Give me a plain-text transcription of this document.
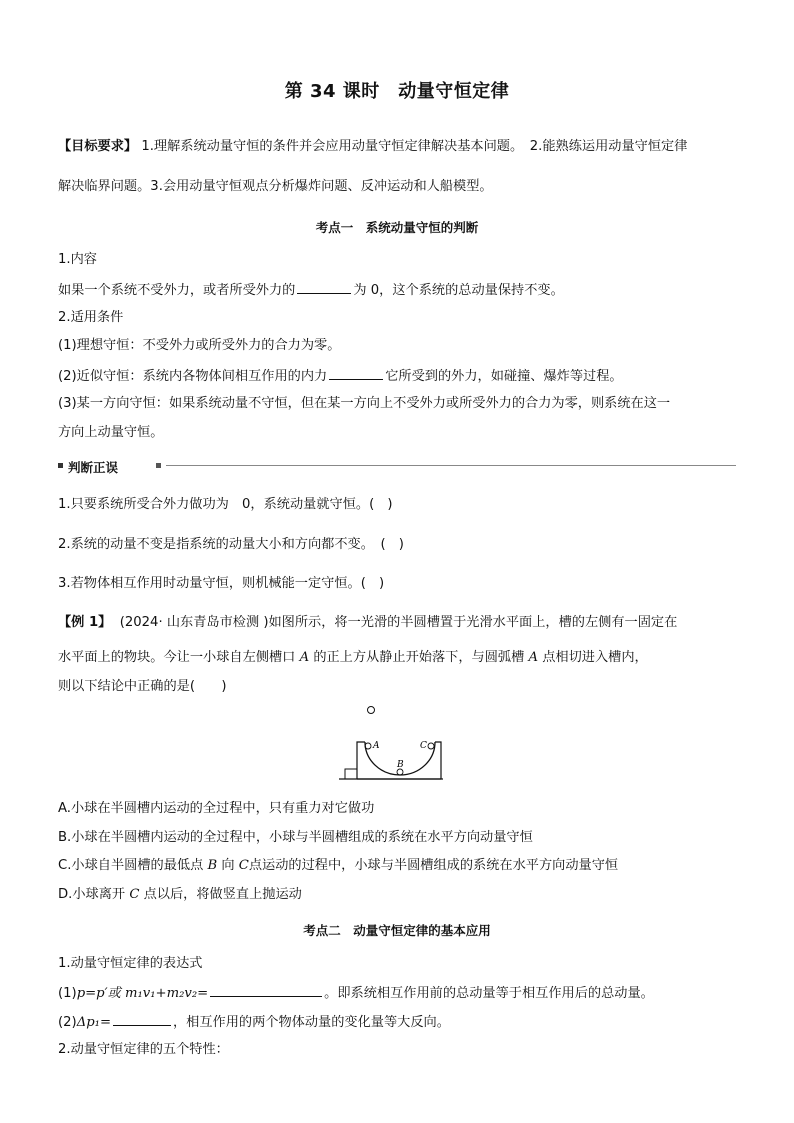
第 34 课时　动量守恒定律
【目标要求】 1.理解系统动量守恒的条件并会应用动量守恒定律解决基本问题。　2.能熟练运用动量守恒定律
解决临界问题。3.会用动量守恒观点分析爆炸问题、反冲运动和人船模型。
考点一　系统动量守恒的判断
1.内容
如果一个系统不受外力，或者所受外力的	为 0，这个系统的总动量保持不变。
2.适用条件
(1)理想守恒：不受外力或所受外力的合力为零。
(2)近似守恒：系统内各物体间相互作用的内力	它所受到的外力，如碰撞、爆炸等过程。
(3)某一方向守恒：如果系统动量不守恒，但在某一方向上不受外力或所受外力的合力为零，则系统在这一
方向上动量守恒。
判断正误
1.只要系统所受合外力做功为　0，系统动量就守恒。(　)
2.系统的动量不变是指系统的动量大小和方向都不变。　(　)
3.若物体相互作用时动量守恒，则机械能一定守恒。(　)
【例 1】 (2024· 山东青岛市检测 )如图所示，将一光滑的半圆槽置于光滑水平面上，槽的左侧有一固定在
水平面上的物块。今让一小球自左侧槽口 A 的正上方从静止开始落下，与圆弧槽 A 点相切进入槽内，
则以下结论中正确的是(　　)
A
B
C
A.小球在半圆槽内运动的全过程中，只有重力对它做功
B.小球在半圆槽内运动的全过程中，小球与半圆槽组成的系统在水平方向动量守恒
C.小球自半圆槽的最低点 B 向 C点运动的过程中，小球与半圆槽组成的系统在水平方向动量守恒
D.小球离开 C 点以后，将做竖直上抛运动
考点二　动量守恒定律的基本应用
1.动量守恒定律的表达式
(1)p=p′或 m₁v₁+m₂v₂=	。即系统相互作用前的总动量等于相互作用后的总动量。
(2)Δp₁=	，相互作用的两个物体动量的变化量等大反向。
2.动量守恒定律的五个特性：
